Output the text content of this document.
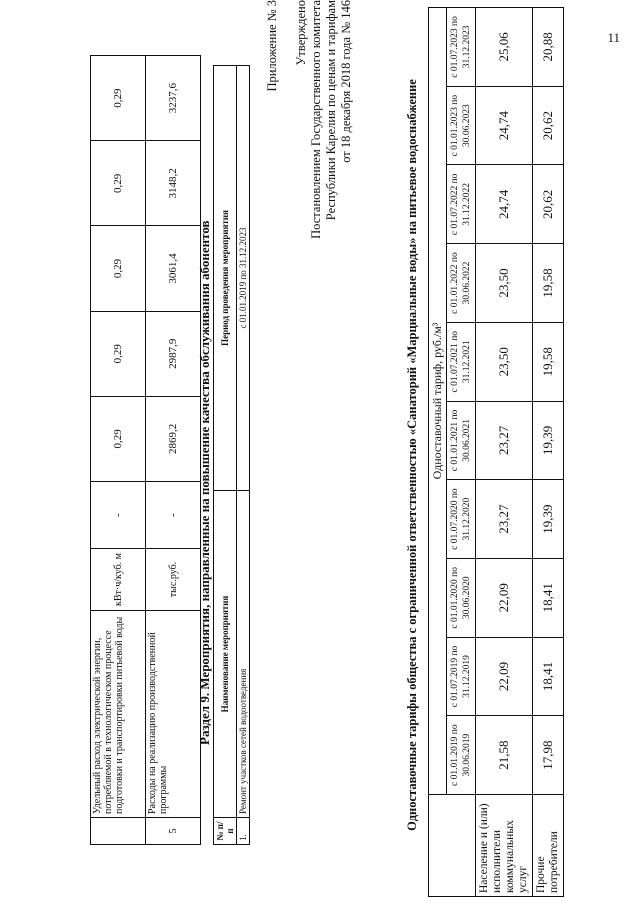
11
	Удельный расход электрической энергии, потребляемой в технологическом процессе подготовки и транспортировки питьевой воды	кВт·ч/куб. м	-	0,29	0,29	0,29	0,29	0,29
5	Расходы на реализацию производственной программы	тыс.руб.	-	2869,2	2987,9	3061,4	3148,2	3237,6
Раздел 9. Мероприятия, направленные на повышение качества обслуживания абонентов
№ п/п	Наименование мероприятия	Период проведения мероприятия
1.	Ремонт участков сетей водоотведения	с 01.01.2019 по 31.12.2023
Приложение № 3 Утверждено Постановлением Государственного комитета Республики Карелия по ценам и тарифам от 18 декабря 2018 года № 146	Одноставочные тарифы общества с ограниченной ответственностью «Санаторий «Марциальные воды» на питьевое водоснабжение
	Одноставочный тариф, руб./м³									
	с 01.01.2019 по 30.06.2019	с 01.07.2019 по 31.12.2019	с 01.01.2020 по 30.06.2020	с 01.07.2020 по 31.12.2020	с 01.01.2021 по 30.06.2021	с 01.07.2021 по 31.12.2021	с 01.01.2022 по 30.06.2022	с 01.07.2022 по 31.12.2022	с 01.01.2023 по 30.06.2023	с 01.07.2023 по 31.12.2023
Население и (или) исполнители коммунальных услуг	21,58	22,09	22,09	23,27	23,27	23,50	23,50	24,74	24,74	25,06
Прочие потребители	17,98	18,41	18,41	19,39	19,39	19,58	19,58	20,62	20,62	20,88
